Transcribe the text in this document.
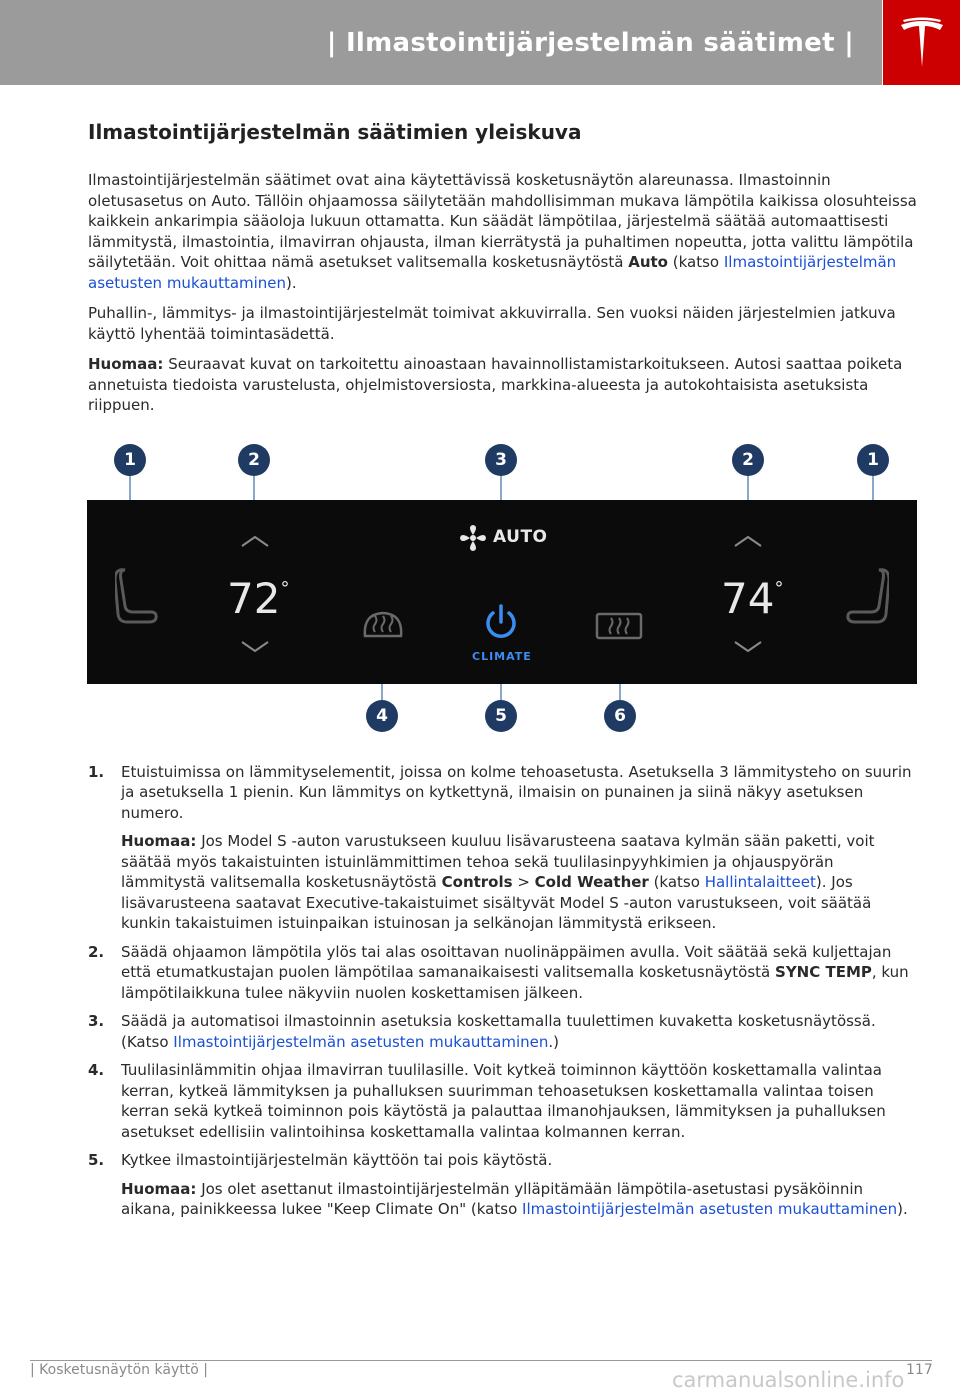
| Ilmastointijärjestelmän säätimet |
Ilmastointijärjestelmän säätimien yleiskuva

Ilmastointijärjestelmän säätimet ovat aina käytettävissä kosketusnäytön alareunassa. Ilmastoinnin oletusasetus on Auto. Tällöin ohjaamossa säilytetään mahdollisimman mukava lämpötila kaikissa olosuhteissa kaikkein ankarimpia sääoloja lukuun ottamatta. Kun säädät lämpötilaa, järjestelmä säätää automaattisesti lämmitystä, ilmastointia, ilmavirran ohjausta, ilman kierrätystä ja puhaltimen nopeutta, jotta valittu lämpötila säilytetään. Voit ohittaa nämä asetukset valitsemalla kosketusnäytöstä Auto (katso Ilmastointijärjestelmän asetusten mukauttaminen).

Puhallin-, lämmitys- ja ilmastointijärjestelmät toimivat akkuvirralla. Sen vuoksi näiden järjestelmien jatkuva käyttö lyhentää toimintasädettä.

Huomaa: Seuraavat kuvat on tarkoitettu ainoastaan havainnollistamistarkoitukseen. Autosi saattaa poiketa annetuista tiedoista varustelusta, ohjelmistoversiosta, markkina-alueesta ja autokohtaisista asetuksista riippuen.

72°
AUTO
CLIMATE
74°
1	2	3	2	1
4	5	6
1. Etuistuimissa on lämmityselementit, joissa on kolme tehoasetusta. Asetuksella 3 lämmitysteho on suurin ja asetuksella 1 pienin. Kun lämmitys on kytkettynä, ilmaisin on punainen ja siinä näkyy asetuksen numero.

Huomaa: Jos Model S -auton varustukseen kuuluu lisävarusteena saatava kylmän sään paketti, voit säätää myös takaistuinten istuinlämmittimen tehoa sekä tuulilasinpyyhkimien ja ohjauspyörän lämmitystä valitsemalla kosketusnäytöstä Controls > Cold Weather (katso Hallintalaitteet). Jos lisävarusteena saatavat Executive-takaistuimet sisältyvät Model S -auton varustukseen, voit säätää kunkin takaistuimen istuinpaikan istuinosan ja selkänojan lämmitystä erikseen.

2. Säädä ohjaamon lämpötila ylös tai alas osoittavan nuolinäppäimen avulla. Voit säätää sekä kuljettajan että etumatkustajan puolen lämpötilaa samanaikaisesti valitsemalla kosketusnäytöstä SYNC TEMP, kun lämpötilaikkuna tulee näkyviin nuolen koskettamisen jälkeen.

3. Säädä ja automatisoi ilmastoinnin asetuksia koskettamalla tuulettimen kuvaketta kosketusnäytössä. (Katso Ilmastointijärjestelmän asetusten mukauttaminen.)

4. Tuulilasinlämmitin ohjaa ilmavirran tuulilasille. Voit kytkeä toiminnon käyttöön koskettamalla valintaa kerran, kytkeä lämmityksen ja puhalluksen suurimman tehoasetuksen koskettamalla valintaa toisen kerran sekä kytkeä toiminnon pois käytöstä ja palauttaa ilmanohjauksen, lämmityksen ja puhalluksen asetukset edellisiin valintoihinsa koskettamalla valintaa kolmannen kerran.

5. Kytkee ilmastointijärjestelmän käyttöön tai pois käytöstä.

Huomaa: Jos olet asettanut ilmastointijärjestelmän ylläpitämään lämpötila-asetustasi pysäköinnin aikana, painikkeessa lukee "Keep Climate On" (katso Ilmastointijärjestelmän asetusten mukauttaminen).

| Kosketusnäytön käyttö |	117
carmanualsonline.info
